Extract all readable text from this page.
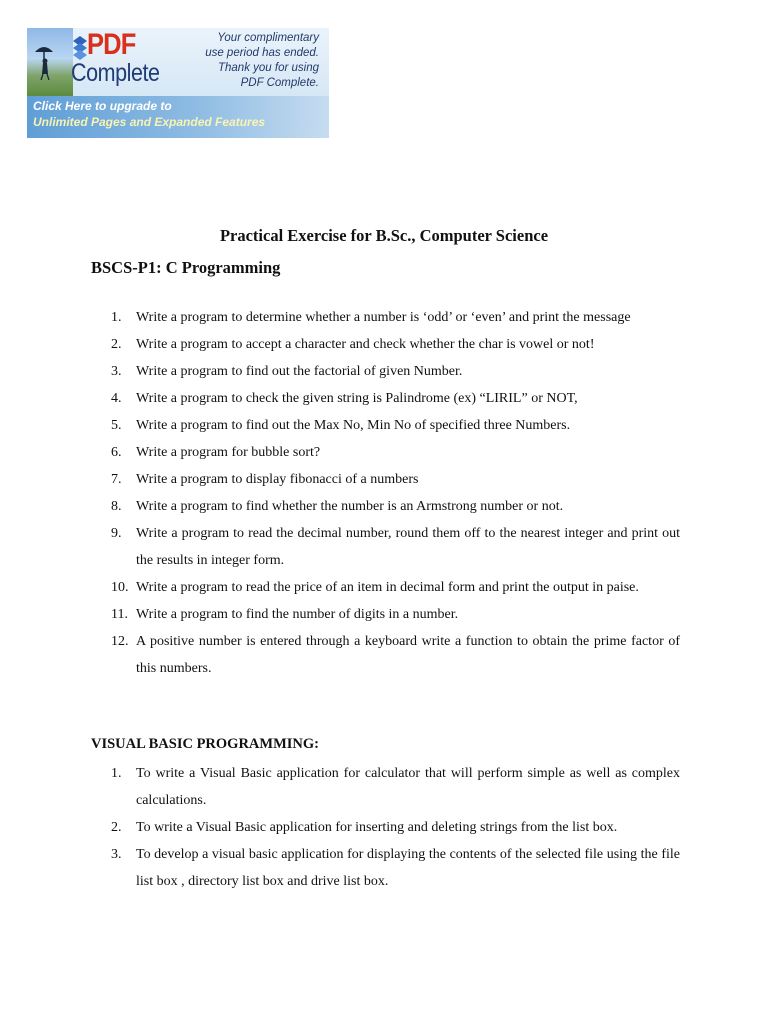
PDF
Complete
Your complimentary
use period has ended.
Thank you for using
PDF Complete.
Click Here to upgrade to
Unlimited Pages and Expanded Features
Practical Exercise for B.Sc., Computer Science
BSCS-P1: C Programming
1.	Write a program to determine whether a number is ‘odd’ or ‘even’ and print the message
2.	Write a program to accept a character and check whether the char is vowel or not!
3.	Write a program to find out the factorial of given Number.
4.	Write a program to check the given string is Palindrome (ex) “LIRIL” or NOT,
5.	Write a program to find out the Max No, Min No of specified three Numbers.
6.	Write a program for bubble sort?
7.	Write a program to display fibonacci of a numbers
8.	Write a program to find whether the number is an Armstrong number or not.
9.	Write a program to read the decimal number, round them off to the nearest integer and print out the results in integer form.
10. Write a program to read the price of an item in decimal form and print the output in paise.
11. Write a program to find the number of digits in a number.
12. A positive number is entered through a keyboard write a function to obtain the prime factor of this numbers.
VISUAL BASIC PROGRAMMING:
1.	To write a Visual Basic application for calculator that will perform simple as well as complex calculations.
2.	To write a Visual Basic application for inserting and deleting strings from the list box.
3.	To develop a visual basic application for displaying the contents of the selected file using the file list box , directory list box and drive list box.
